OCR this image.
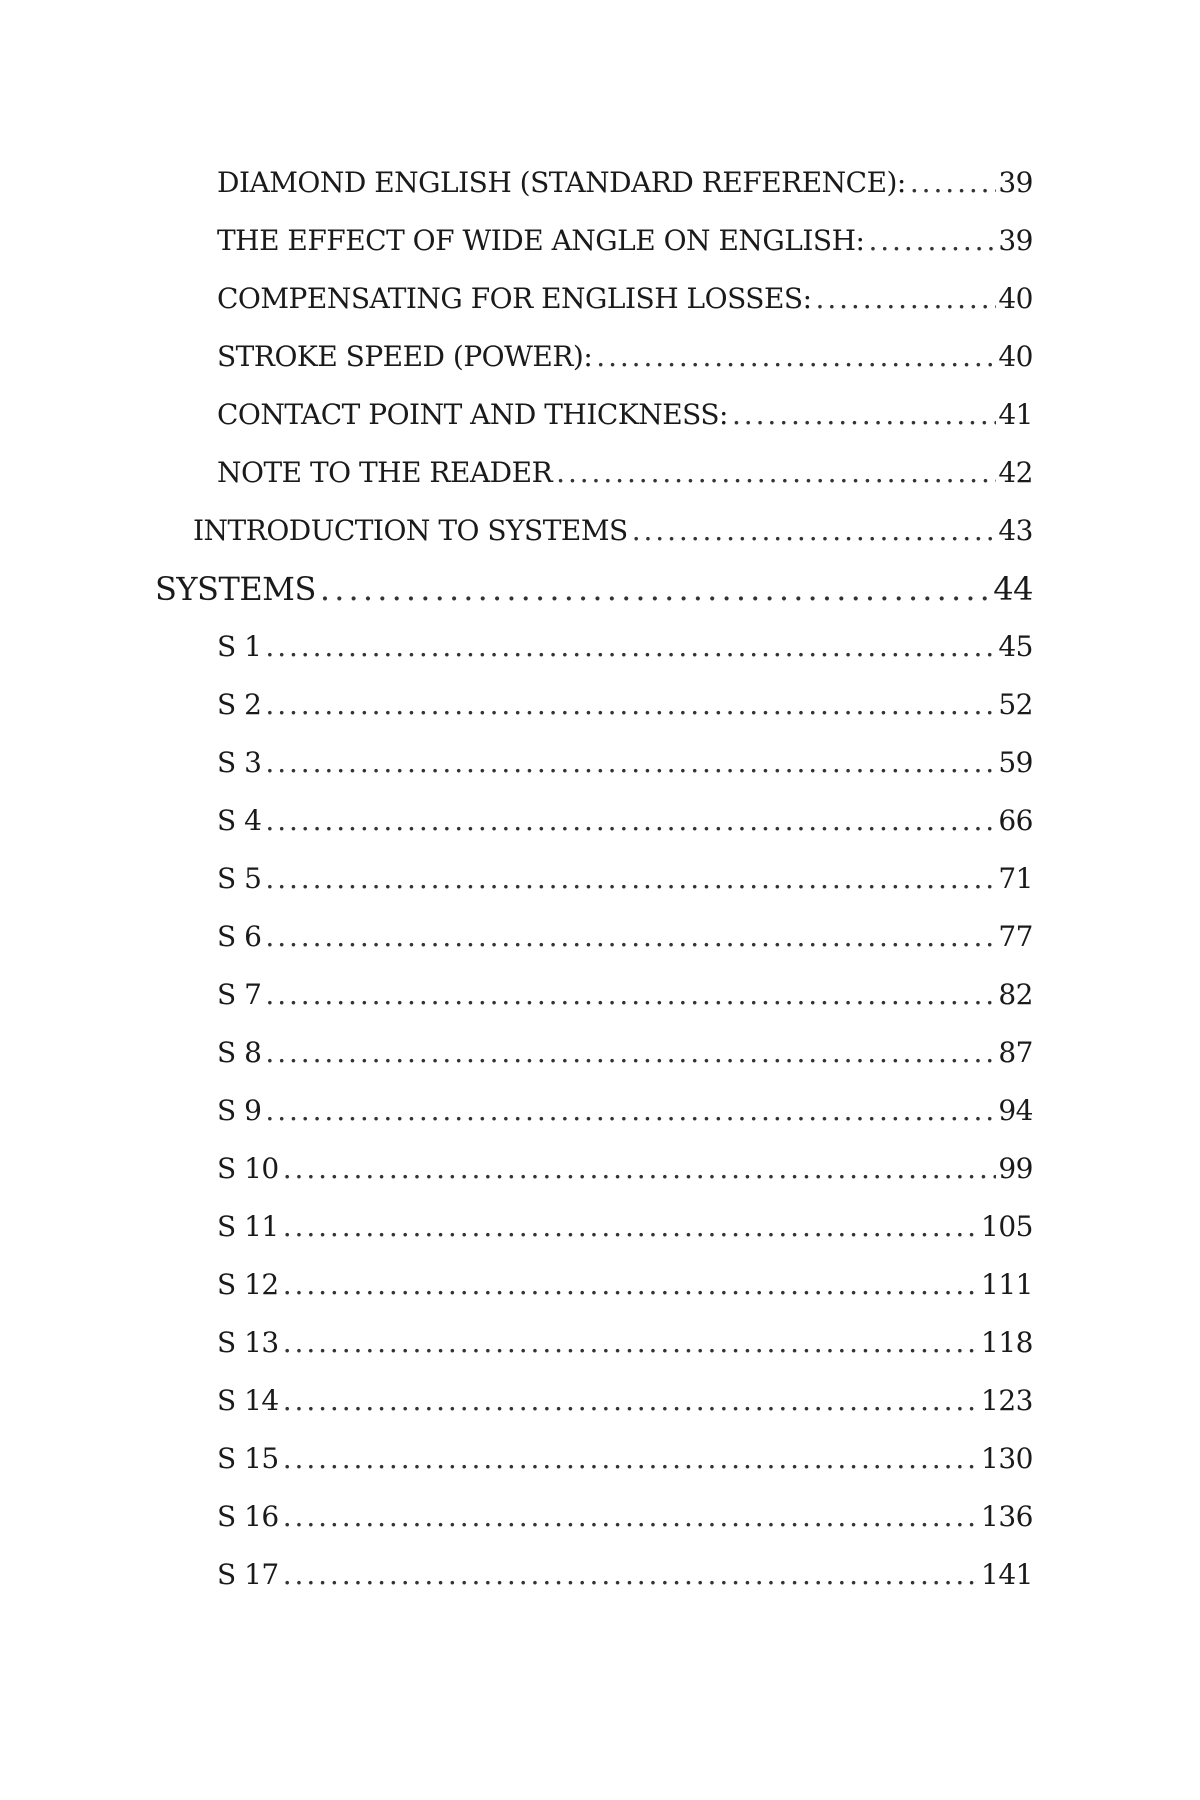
DIAMOND ENGLISH (STANDARD REFERENCE): . . .	39
THE EFFECT OF WIDE ANGLE ON ENGLISH: . . .	39
COMPENSATING FOR ENGLISH LOSSES: . . .	40
STROKE SPEED (POWER): . . .	40
CONTACT POINT AND THICKNESS: . . .	41
NOTE TO THE READER . . .	42
INTRODUCTION TO SYSTEMS . . .	43
SYSTEMS . . .	44
S 1 . . .	45
S 2 . . .	52
S 3 . . .	59
S 4 . . .	66
S 5 . . .	71
S 6 . . .	77
S 7 . . .	82
S 8 . . .	87
S 9 . . .	94
S 10 . . .	99
S 11 . . .	105
S 12 . . .	111
S 13 . . .	118
S 14 . . .	123
S 15 . . .	130
S 16 . . .	136
S 17 . . .	141
